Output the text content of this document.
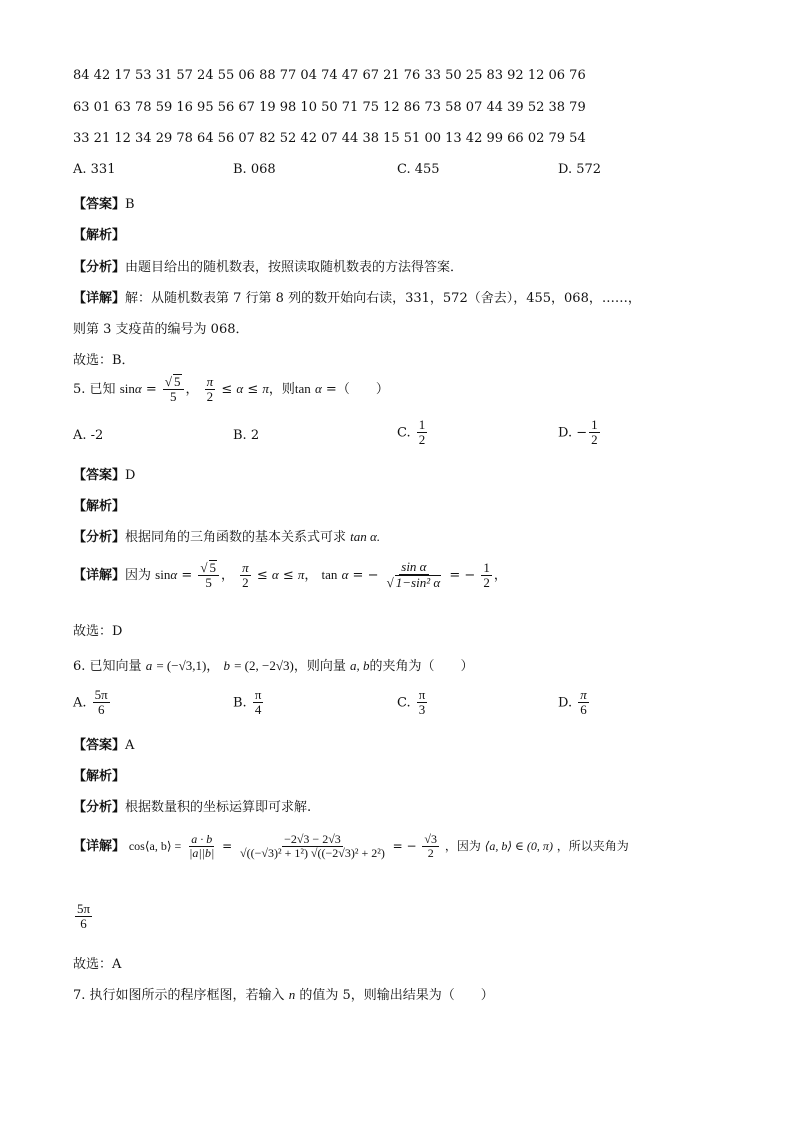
84 42 17 53 31 57 24 55 06 88 77 04 74 47 67 21 76 33 50 25 83 92 12 06 76
63 01 63 78 59 16 95 56 67 19 98 10 50 71 75 12 86 73 58 07 44 39 52 38 79
33 21 12 34 29 78 64 56 07 82 52 42 07 44 38 15 51 00 13 42 99 66 02 79 54
A. 331	B. 068	C. 455	D. 572
【答案】B
【解析】
【分析】由题目给出的随机数表，按照读取随机数表的方法得答案．
【详解】解：从随机数表第 7 行第 8 列的数开始向右读，331，572（舍去），455，068，……，
则第 3 支疫苗的编号为 068．
故选：B．
5. 已知 $\sin\alpha = \frac{√ 5}{5}$ ， $\frac{\pi}{2} \le \alpha \le \pi$，则tan α =（　　）
A. -2	B. 2	C. $\frac{1}{2}$	D. − $\frac{1}{2}$
【答案】D
【解析】
【分析】根据同角的三角函数的基本关系式可求 tan α.
【详解】因为 $\sin\alpha = \frac{√ 5}{5}$ ， $\frac{\pi}{2} \le \alpha \le \pi$， tan α = − $\frac{\text{sin α}}{\text{√ 1−sin² α}}$ = − $\frac{1}{2}$ ，
故选：D
6. 已知向量 a = (−√3,1)， b = (2, −2√3)，则向量 a, b的夹角为（　　）
A. $\frac{5\pi}{6}$	B. $\frac{\pi}{4}$	C. $\frac{\pi}{3}$	D. $\frac{\pi}{6}$
【答案】A
【解析】
【分析】根据数量积的坐标运算即可求解.
【详解】 cos⟨a, b⟩ = $\frac{a \cdot b}{|a||b|} = \frac{-2√3 - 2√3}{\text{√((−√3)² + 1²) √((−2√3)² + 2²)}}$ = − $\frac{√3}{2}$ ，因为 ⟨a, b⟩ ∈ (0, π) ，所以夹角为
$\frac{5\pi}{6}$
故选：A
7. 执行如图所示的程序框图，若输入 n 的值为 5，则输出结果为（　　）
